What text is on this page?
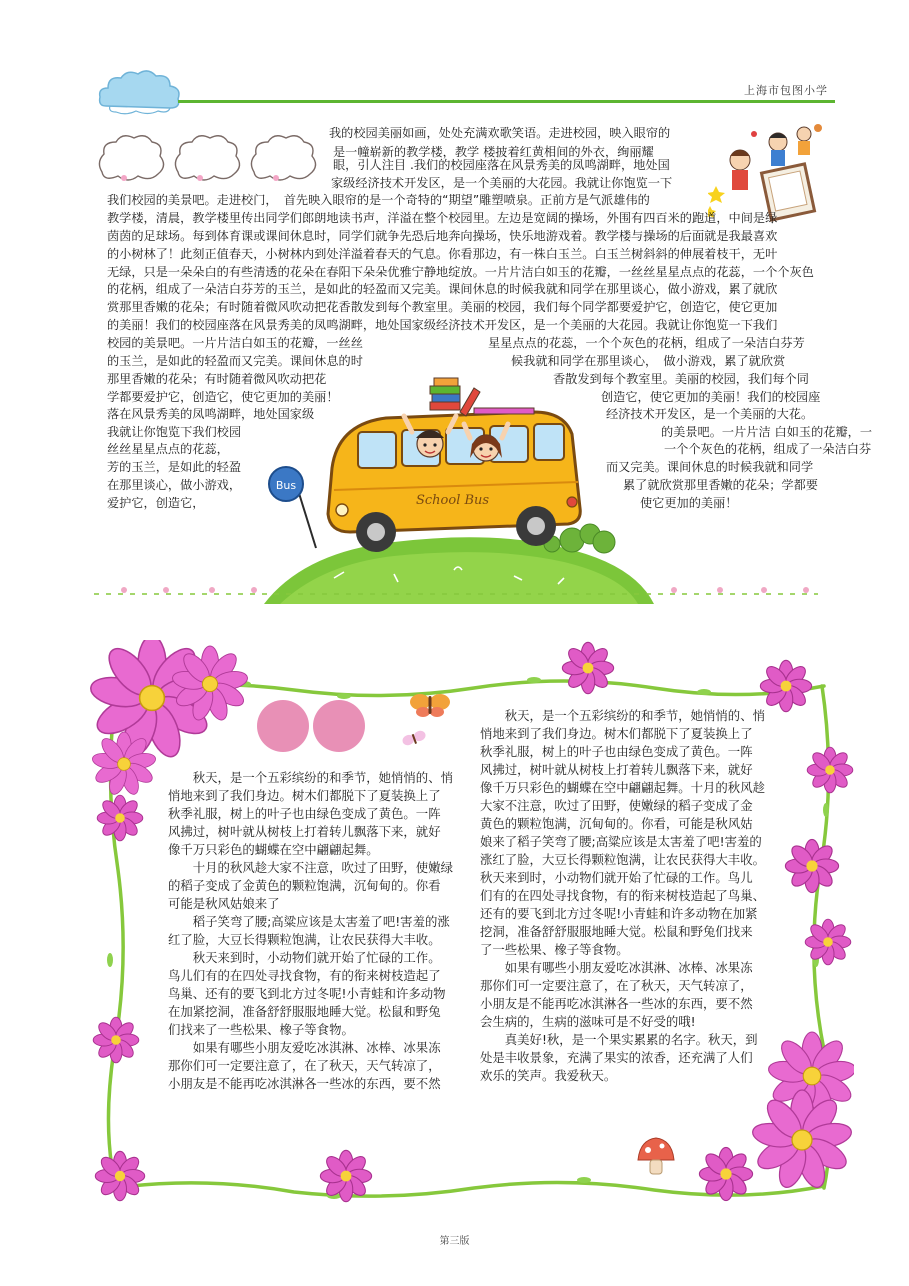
上海市包图小学
我的校园美丽如画，处处充满欢歌笑语。走进校园，映入眼帘的
是一幢崭新的教学楼，教学 楼披着红黄相间的外衣，绚丽耀
眼，引人注目 .我们的校园座落在风景秀美的凤鸣湖畔，地处国
家级经济技术开发区，是一个美丽的大花园。我就让你饱览一下
我们校园的美景吧。走进校门，　首先映入眼帘的是一个奇特的“期望”雕塑喷泉。正前方是气派雄伟的
教学楼，清晨，教学楼里传出同学们郎朗地读书声，洋溢在整个校园里。左边是宽阔的操场，外围有四百米的跑道，中间是绿
茵茵的足球场。每到体育课或课间休息时，同学们就争先恐后地奔向操场，快乐地游戏着。教学楼与操场的后面就是我最喜欢
的小树林了！此刻正值春天，小树林内到处洋溢着春天的气息。你看那边，有一株白玉兰。白玉兰树斜斜的伸展着枝干，无叶
无绿，只是一朵朵白的有些清透的花朵在春阳下朵朵优雅宁静地绽放。一片片洁白如玉的花瓣，一丝丝星星点点的花蕊，一个个灰色
的花柄，组成了一朵洁白芬芳的玉兰，是如此的轻盈而又完美。课间休息的时候我就和同学在那里谈心，做小游戏，累了就欣
赏那里香嫩的花朵；有时随着微风吹动把花香散发到每个教室里。美丽的校园，我们每个同学都要爱护它，创造它，使它更加
的美丽！我们的校园座落在风景秀美的凤鸣湖畔，地处国家级经济技术开发区，是一个美丽的大花园。我就让你饱览一下我们
校园的美景吧。一片片洁白如玉的花瓣，一丝丝	星星点点的花蕊，一个个灰色的花柄，组成了一朵洁白芬芳
的玉兰，是如此的轻盈而又完美。课间休息的时	候我就和同学在那里谈心，　做小游戏，累了就欣赏
那里香嫩的花朵；有时随着微风吹动把花	香散发到每个教室里。美丽的校园，我们每个同
学都要爱护它，创造它，使它更加的美丽！	创造它，使它更加的美丽！我们的校园座
落在风景秀美的凤鸣湖畔，地处国家级	经济技术开发区，是一个美丽的大花。
我就让你饱览下我们校园	的美景吧。一片片洁 白如玉的花瓣，一
丝丝星星点点的花蕊，	一个个灰色的花柄，组成了一朵洁白芬
芳的玉兰，是如此的轻盈	而又完美。课间休息的时候我就和同学
在那里谈心，做小游戏，	累了就欣赏那里香嫩的花朵；学都要
爱护它，创造它，	使它更加的美丽！
Bus
School Bus
　　秋天，是一个五彩缤纷的和季节，她悄悄的、悄
悄地来到了我们身边。树木们都脱下了夏装换上了
秋季礼服，树上的叶子也由绿色变成了黄色。一阵
风拂过，树叶就从树枝上打着转儿飘落下来，就好
像千万只彩色的蝴蝶在空中翩翩起舞。
　　十月的秋风趁大家不注意，吹过了田野，使嫩绿
的稻子变成了金黄色的颗粒饱满，沉甸甸的。你看
可能是秋风姑娘来了
　　稻子笑弯了腰;高粱应该是太害羞了吧!害羞的涨
红了脸，大豆长得颗粒饱满，让农民获得大丰收。
　　秋天来到时，小动物们就开始了忙碌的工作。
鸟儿们有的在四处寻找食物，有的衔来树枝造起了
鸟巢、还有的要飞到北方过冬呢!小青蛙和许多动物
在加紧挖洞，准备舒舒服服地睡大觉。松鼠和野兔
们找来了一些松果、橡子等食物。
　　如果有哪些小朋友爱吃冰淇淋、冰棒、冰果冻
那你们可一定要注意了，在了秋天，天气转凉了，
小朋友是不能再吃冰淇淋各一些冰的东西，要不然
　　秋天，是一个五彩缤纷的和季节，她悄悄的、悄
悄地来到了我们身边。树木们都脱下了夏装换上了
秋季礼服，树上的叶子也由绿色变成了黄色。一阵
风拂过，树叶就从树枝上打着转儿飘落下来，就好
像千万只彩色的蝴蝶在空中翩翩起舞。十月的秋风趁
大家不注意，吹过了田野，使嫩绿的稻子变成了金
黄色的颗粒饱满，沉甸甸的。你看，可能是秋风姑
娘来了稻子笑弯了腰;高粱应该是太害羞了吧!害羞的
涨红了脸，大豆长得颗粒饱满，让农民获得大丰收。
秋天来到时，小动物们就开始了忙碌的工作。鸟儿
们有的在四处寻找食物，有的衔来树枝造起了鸟巢、
还有的要飞到北方过冬呢!小青蛙和许多动物在加紧
挖洞，准备舒舒服服地睡大觉。松鼠和野兔们找来
了一些松果、橡子等食物。
　　如果有哪些小朋友爱吃冰淇淋、冰棒、冰果冻
那你们可一定要注意了，在了秋天，天气转凉了，
小朋友是不能再吃冰淇淋各一些冰的东西，要不然
会生病的，生病的滋味可是不好受的哦!
　　真美好!秋，是一个果实累累的名字。秋天，到
处是丰收景象，充满了果实的浓香，还充满了人们
欢乐的笑声。我爱秋天。
第三版
